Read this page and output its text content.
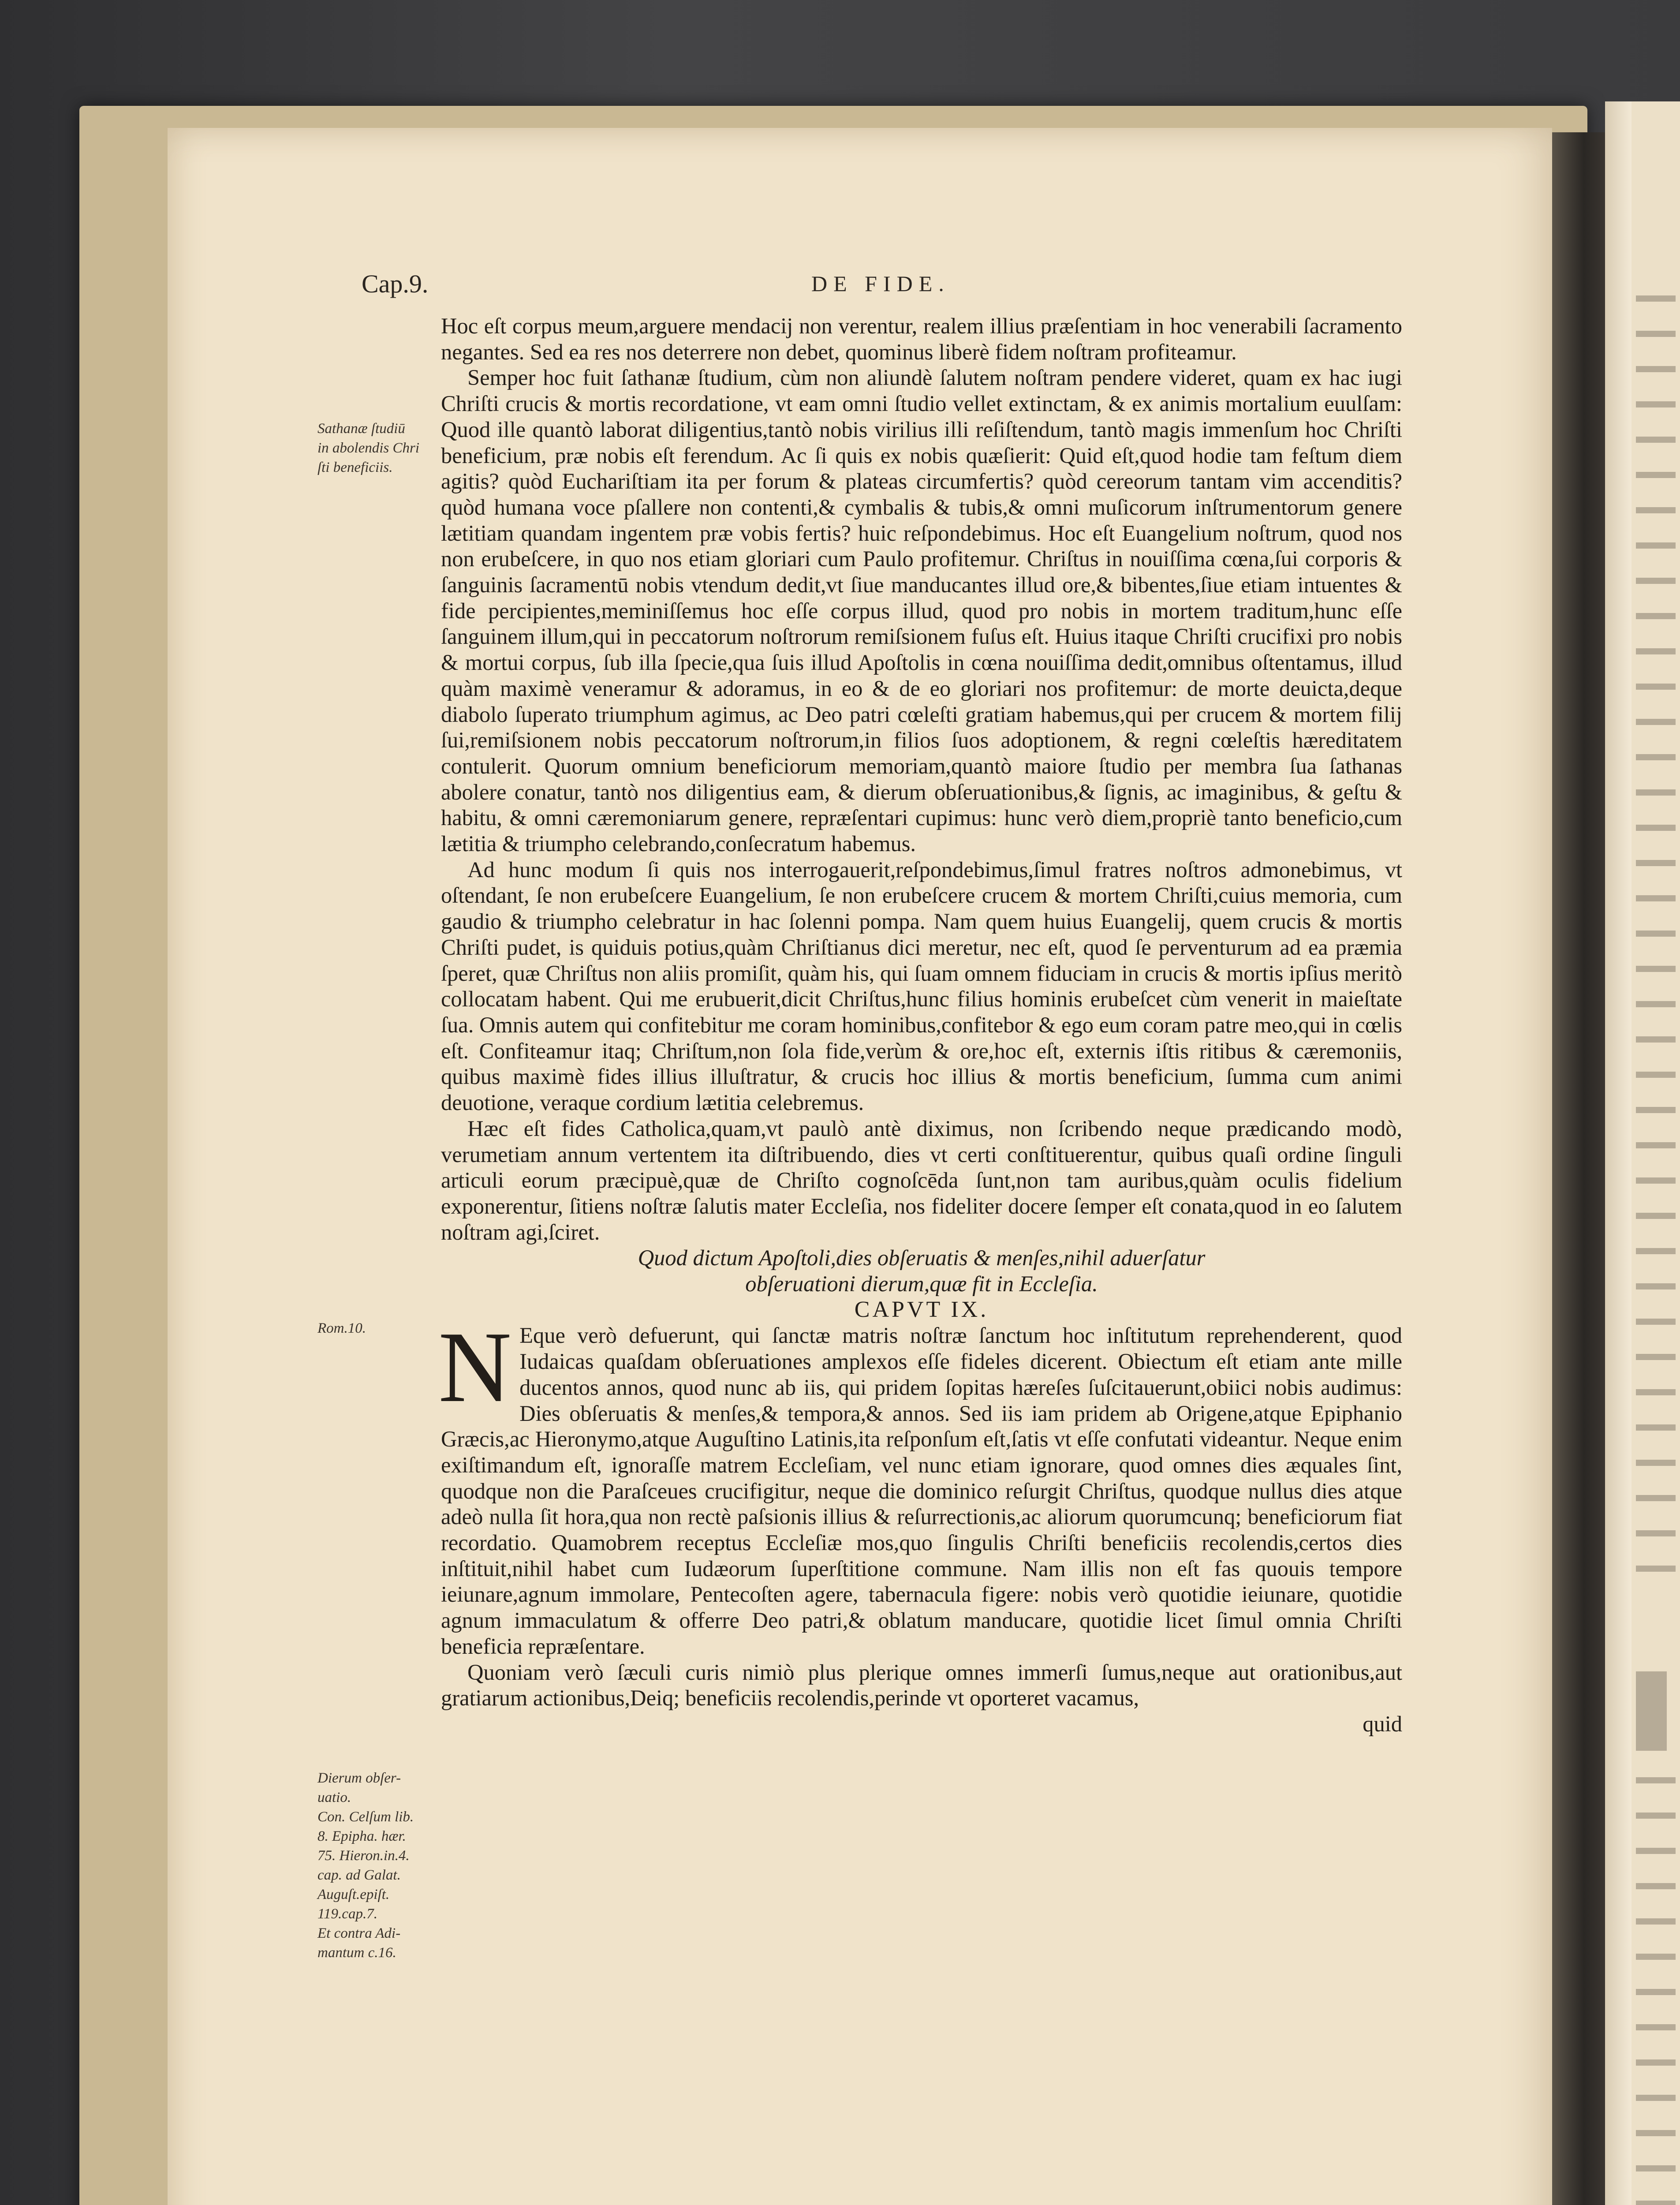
Cap.9.	DE FIDE.
Sathanæ ſtudiū
in abolendis Chri
ſti beneficiis.
Rom.10.
Dierum obſer-
uatio.
Con. Celſum lib.
8. Epipha. hær.
75. Hieron.in.4.
cap. ad Galat.
Auguſt.epiſt.
119.cap.7.
Et contra Adi-
mantum c.16.

Hoc eſt corpus meum,arguere mendacij non verentur, realem illius præſentiam in hoc venerabili ſacramento negantes. Sed ea res nos deterrere non debet, quominus liberè fidem noſtram profiteamur.

Semper hoc fuit ſathanæ ſtudium, cùm non aliundè ſalutem noſtram pendere videret, quam ex hac iugi Chriſti crucis & mortis recordatione, vt eam omni ſtudio vellet extinctam, & ex animis mortalium euulſam: Quod ille quantò laborat diligentius,tantò nobis virilius illi reſiſtendum, tantò magis immenſum hoc Chriſti beneficium, præ nobis eſt ferendum. Ac ſi quis ex nobis quæſierit: Quid eſt,quod hodie tam feſtum diem agitis? quòd Euchariſtiam ita per forum & plateas circumfertis? quòd cereorum tantam vim accenditis? quòd humana voce pſallere non contenti,& cymbalis & tubis,& omni muſicorum inſtrumentorum genere lætitiam quandam ingentem præ vobis fertis? huic reſpondebimus. Hoc eſt Euangelium noſtrum, quod nos non erubeſcere, in quo nos etiam gloriari cum Paulo profitemur. Chriſtus in nouiſſima cœna,ſui corporis & ſanguinis ſacramentū nobis vtendum dedit,vt ſiue manducantes illud ore,& bibentes,ſiue etiam intuentes & fide percipientes,meminiſſemus hoc eſſe corpus illud, quod pro nobis in mortem traditum,hunc eſſe ſanguinem illum,qui in peccatorum noſtrorum remiſsionem fuſus eſt. Huius itaque Chriſti crucifixi pro nobis & mortui corpus, ſub illa ſpecie,qua ſuis illud Apoſtolis in cœna nouiſſima dedit,omnibus oſtentamus, illud quàm maximè veneramur & adoramus, in eo & de eo gloriari nos profitemur: de morte deuicta,deque diabolo ſuperato triumphum agimus, ac Deo patri cœleſti gratiam habemus,qui per crucem & mortem filij ſui,remiſsionem nobis peccatorum noſtrorum,in filios ſuos adoptionem, & regni cœleſtis hæreditatem contulerit. Quorum omnium beneficiorum memoriam,quantò maiore ſtudio per membra ſua ſathanas abolere conatur, tantò nos diligentius eam, & dierum obſeruationibus,& ſignis, ac imaginibus, & geſtu & habitu, & omni cæremoniarum genere, repræſentari cupimus: hunc verò diem,propriè tanto beneficio,cum lætitia & triumpho celebrando,conſecratum habemus.

Ad hunc modum ſi quis nos interrogauerit,reſpondebimus,ſimul fratres noſtros admonebimus, vt oſtendant, ſe non erubeſcere Euangelium, ſe non erubeſcere crucem & mortem Chriſti,cuius memoria, cum gaudio & triumpho celebratur in hac ſolenni pompa. Nam quem huius Euangelij, quem crucis & mortis Chriſti pudet, is quiduis potius,quàm Chriſtianus dici meretur, nec eſt, quod ſe perventurum ad ea præmia ſperet, quæ Chriſtus non aliis promiſit, quàm his, qui ſuam omnem fiduciam in crucis & mortis ipſius meritò collocatam habent. Qui me erubuerit,dicit Chriſtus,hunc filius hominis erubeſcet cùm venerit in maieſtate ſua. Omnis autem qui confitebitur me coram hominibus,confitebor & ego eum coram patre meo,qui in cœlis eſt. Confiteamur itaq; Chriſtum,non ſola fide,verùm & ore,hoc eſt, externis iſtis ritibus & cæremoniis, quibus maximè fides illius illuſtratur, & crucis hoc illius & mortis beneficium, ſumma cum animi deuotione, veraque cordium lætitia celebremus.

Hæc eſt fides Catholica,quam,vt paulò antè diximus, non ſcribendo neque prædicando modò, verumetiam annum vertentem ita diſtribuendo, dies vt certi conſtituerentur, quibus quaſi ordine ſinguli articuli eorum præcipuè,quæ de Chriſto cognoſcēda ſunt,non tam auribus,quàm oculis fidelium exponerentur, ſitiens noſtræ ſalutis mater Eccleſia, nos fideliter docere ſemper eſt conata,quod in eo ſalutem noſtram agi,ſciret.

Quod dictum Apoſtoli,dies obſeruatis & menſes,nihil aduerſatur

obſeruationi dierum,quæ fit in Eccleſia.

CAPVT IX.

N Eque verò defuerunt, qui ſanctæ matris noſtræ ſanctum hoc inſtitutum reprehenderent, quod Iudaicas quaſdam obſeruationes amplexos eſſe fideles dicerent. Obiectum eſt etiam ante mille ducentos annos, quod nunc ab iis, qui pridem ſopitas hæreſes ſuſcitauerunt,obiici nobis audimus: Dies obſeruatis & menſes,& tempora,& annos. Sed iis iam pridem ab Origene,atque Epiphanio Græcis,ac Hieronymo,atque Auguſtino Latinis,ita reſponſum eſt,ſatis vt eſſe confutati videantur. Neque enim exiſtimandum eſt, ignoraſſe matrem Eccleſiam, vel nunc etiam ignorare, quod omnes dies æquales ſint, quodque non die Paraſceues crucifigitur, neque die dominico reſurgit Chriſtus, quodque nullus dies atque adeò nulla ſit hora,qua non rectè paſsionis illius & reſurrectionis,ac aliorum quorumcunq; beneficiorum fiat recordatio. Quamobrem receptus Eccleſiæ mos,quo ſingulis Chriſti beneficiis recolendis,certos dies inſtituit,nihil habet cum Iudæorum ſuperſtitione commune. Nam illis non eſt fas quouis tempore ieiunare,agnum immolare, Pentecoſten agere, tabernacula figere: nobis verò quotidie ieiunare, quotidie agnum immaculatum & offerre Deo patri,& oblatum manducare, quotidie licet ſimul omnia Chriſti beneficia repræſentare.

Quoniam verò ſæculi curis nimiò plus plerique omnes immerſi ſumus,neque aut orationibus,aut gratiarum actionibus,Deiq; beneficiis recolendis,perinde vt oporteret vacamus,

quid
